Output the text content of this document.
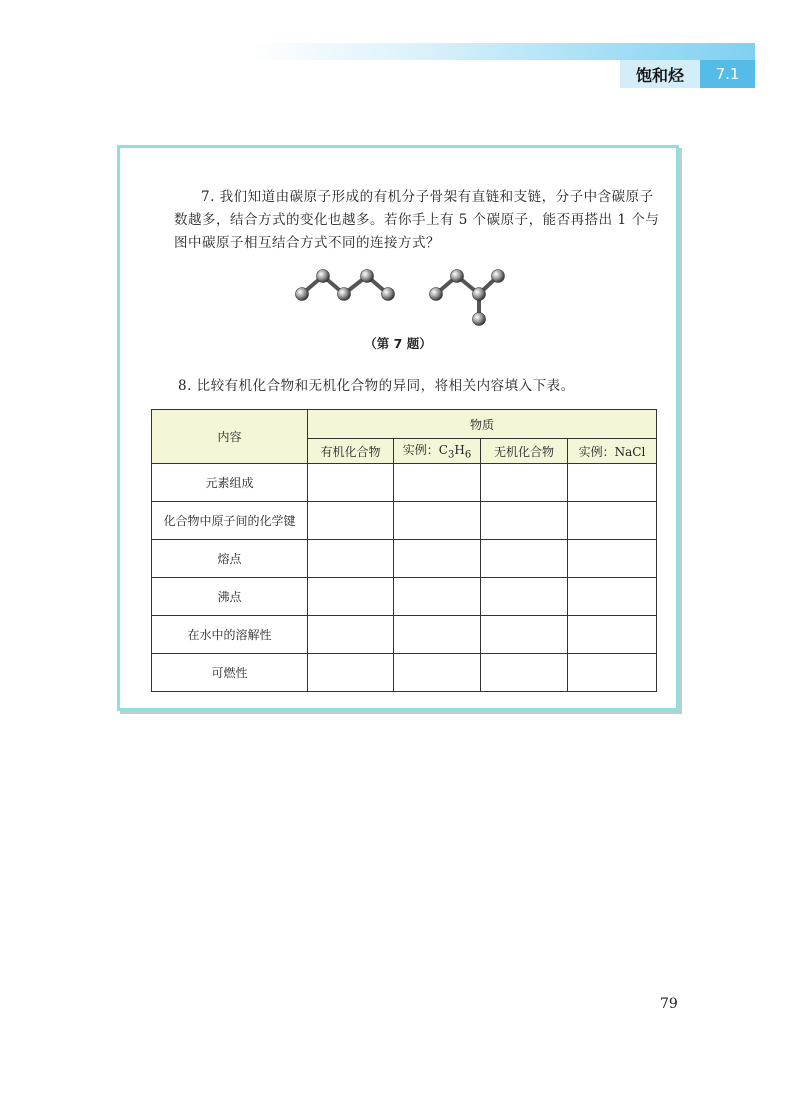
饱和烃	7.1

7. 我们知道由碳原子形成的有机分子骨架有直链和支链，分子中含碳原子数越多，结合方式的变化也越多。若你手上有 5 个碳原子，能否再搭出 1 个与图中碳原子相互结合方式不同的连接方式？

（第 7 题）
8. 比较有机化合物和无机化合物的异同，将相关内容填入下表。
内容	物质			
	有机化合物	实例：$C_3H_6$	无机化合物	实例：NaCl
元素组成				
化合物中原子间的化学键				
熔点				
沸点				
在水中的溶解性				
可燃性				
79
